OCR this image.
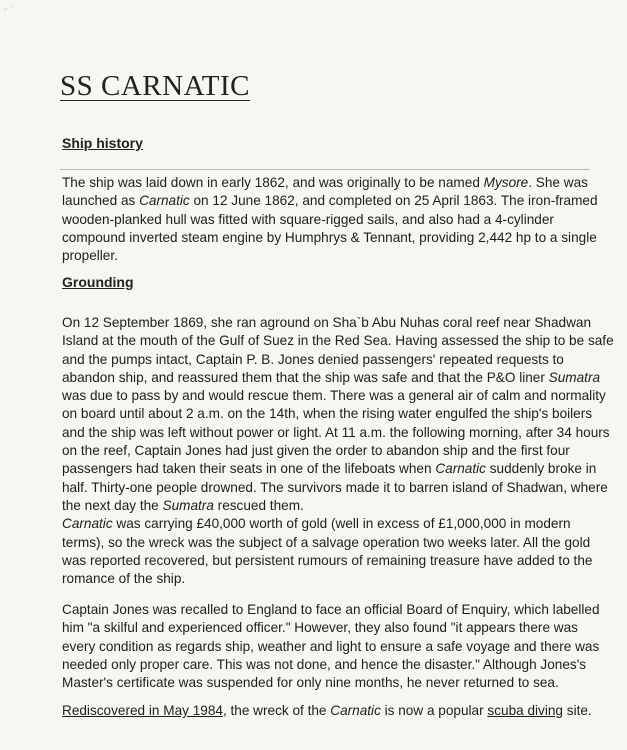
⌐ '
SS CARNATIC
Ship history
The ship was laid down in early 1862, and was originally to be named Mysore. She was
launched as Carnatic on 12 June 1862, and completed on 25 April 1863. The iron-framed
wooden-planked hull was fitted with square-rigged sails, and also had a 4-cylinder
compound inverted steam engine by Humphrys & Tennant, providing 2,442 hp to a single
propeller.
Grounding
On 12 September 1869, she ran aground on Sha`b Abu Nuhas coral reef near Shadwan
Island at the mouth of the Gulf of Suez in the Red Sea. Having assessed the ship to be safe
and the pumps intact, Captain P. B. Jones denied passengers' repeated requests to
abandon ship, and reassured them that the ship was safe and that the P&O liner Sumatra
was due to pass by and would rescue them. There was a general air of calm and normality
on board until about 2 a.m. on the 14th, when the rising water engulfed the ship's boilers
and the ship was left without power or light. At 11 a.m. the following morning, after 34 hours
on the reef, Captain Jones had just given the order to abandon ship and the first four
passengers had taken their seats in one of the lifeboats when Carnatic suddenly broke in
half. Thirty-one people drowned. The survivors made it to barren island of Shadwan, where
the next day the Sumatra rescued them.
Carnatic was carrying £40,000 worth of gold (well in excess of £1,000,000 in modern
terms), so the wreck was the subject of a salvage operation two weeks later. All the gold
was reported recovered, but persistent rumours of remaining treasure have added to the
romance of the ship.
Captain Jones was recalled to England to face an official Board of Enquiry, which labelled
him "a skilful and experienced officer." However, they also found "it appears there was
every condition as regards ship, weather and light to ensure a safe voyage and there was
needed only proper care. This was not done, and hence the disaster." Although Jones's
Master's certificate was suspended for only nine months, he never returned to sea.
Rediscovered in May 1984, the wreck of the Carnatic is now a popular scuba diving site.
